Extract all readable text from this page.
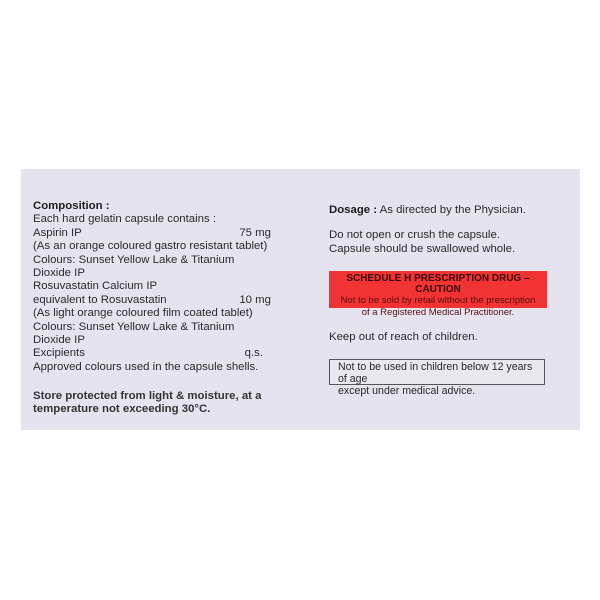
Composition :
Each hard gelatin capsule contains :
Aspirin IP	75 mg
(As an orange coloured gastro resistant tablet)
Colours: Sunset Yellow Lake & Titanium Dioxide IP
Rosuvastatin Calcium IP
equivalent to Rosuvastatin	10 mg
(As light orange coloured film coated tablet)
Colours: Sunset Yellow Lake & Titanium Dioxide IP
Excipients	q.s.
Approved colours used in the capsule shells.
Store protected from light & moisture, at a
temperature not exceeding 30°C.
Dosage : As directed by the Physician.
Do not open or crush the capsule.
Capsule should be swallowed whole.
SCHEDULE H PRESCRIPTION DRUG – CAUTION
Not to be sold by retail without the prescription
of a Registered Medical Practitioner.
Keep out of reach of children.
Not to be used in children below 12 years of age
except under medical advice.
